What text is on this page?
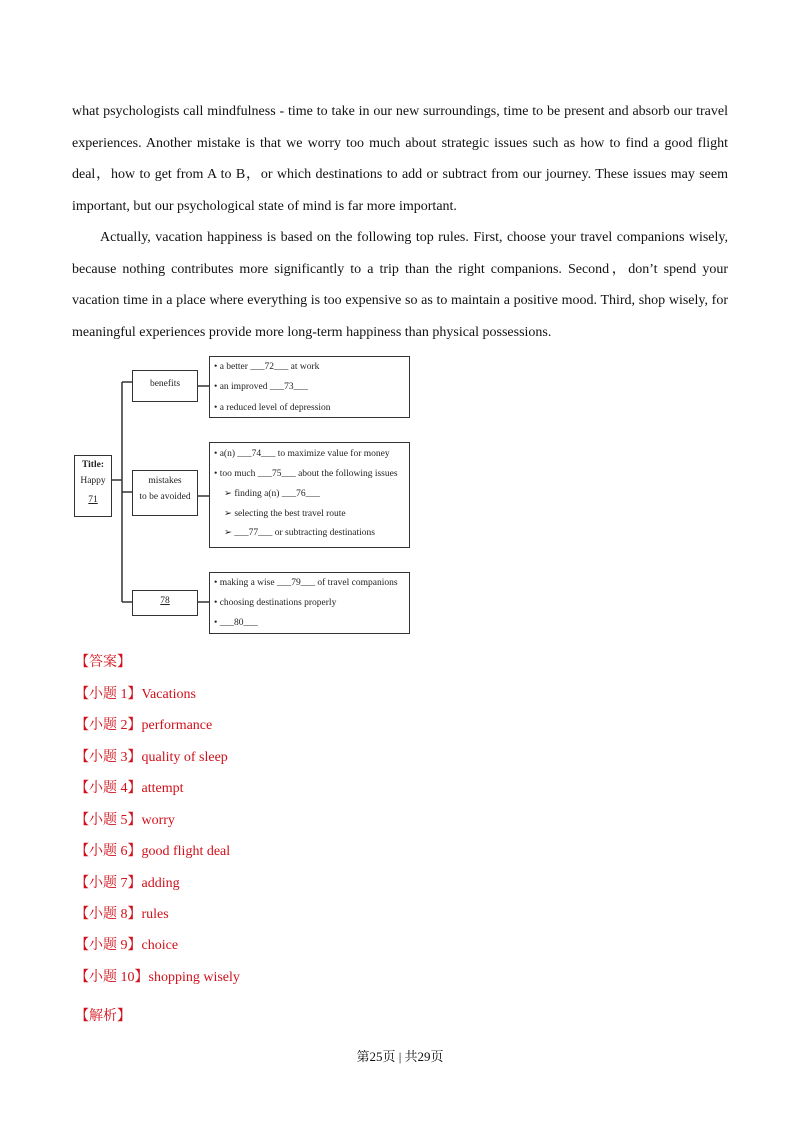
what psychologists call mindfulness - time to take in our new surroundings, time to be present and absorb our travel experiences. Another mistake is that we worry too much about strategic issues such as how to find a good flight deal，how to get from A to B，or which destinations to add or subtract from our journey. These issues may seem important, but our psychological state of mind is far more important.

Actually, vacation happiness is based on the following top rules. First, choose your travel companions wisely, because nothing contributes more significantly to a trip than the right companions. Second，don’t spend your vacation time in a place where everything is too expensive so as to maintain a positive mood. Third, shop wisely, for meaningful experiences provide more long-term happiness than physical possessions.

Title:
Happy
71
benefits
• a better ___72___ at work
• an improved ___73___
• a reduced level of depression
mistakes
to be avoided
• a(n) ___74___ to maximize value for money
• too much ___75___ about the following issues
➢ finding a(n) ___76___
➢ selecting the best travel route
➢ ___77___ or subtracting destinations
78
• making a wise ___79___ of travel companions
• choosing destinations properly
• ___80___
【答案】
【小题 1】Vacations
【小题 2】performance
【小题 3】quality of sleep
【小题 4】attempt
【小题 5】worry
【小题 6】good flight deal
【小题 7】adding
【小题 8】rules
【小题 9】choice
【小题 10】shopping wisely
【解析】
第25页 | 共29页
